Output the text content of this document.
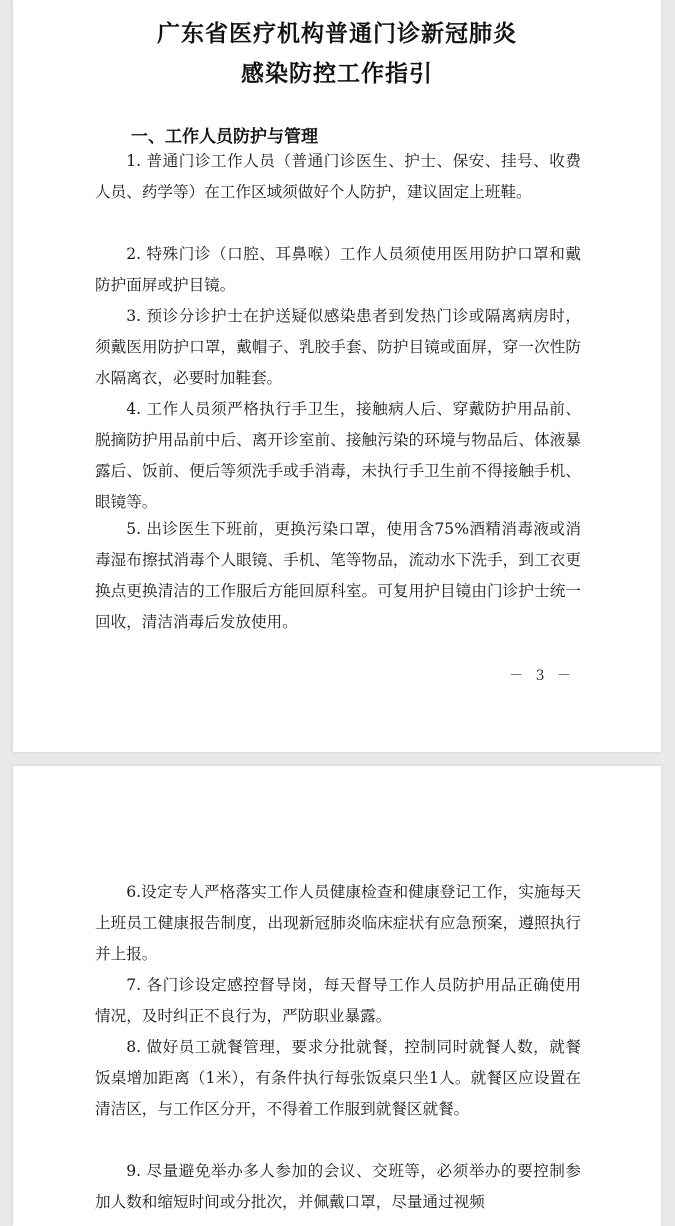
广东省医疗机构普通门诊新冠肺炎
感染防控工作指引
一、工作人员防护与管理

1. 普通门诊工作人员（普通门诊医生、护士、保安、挂号、收费人员、药学等）在工作区域须做好个人防护，建议固定上班鞋。

2. 特殊门诊（口腔、耳鼻喉）工作人员须使用医用防护口罩和戴防护面屏或护目镜。

3. 预诊分诊护士在护送疑似感染患者到发热门诊或隔离病房时，须戴医用防护口罩，戴帽子、乳胶手套、防护目镜或面屏，穿一次性防水隔离衣，必要时加鞋套。

4. 工作人员须严格执行手卫生，接触病人后、穿戴防护用品前、脱摘防护用品前中后、离开诊室前、接触污染的环境与物品后、体液暴露后、饭前、便后等须洗手或手消毒，未执行手卫生前不得接触手机、眼镜等。

5. 出诊医生下班前，更换污染口罩，使用含75%酒精消毒液或消毒湿布擦拭消毒个人眼镜、手机、笔等物品，流动水下洗手，到工衣更换点更换清洁的工作服后方能回原科室。可复用护目镜由门诊护士统一回收，清洁消毒后发放使用。

－ 3 －

6.设定专人严格落实工作人员健康检查和健康登记工作，实施每天上班员工健康报告制度，出现新冠肺炎临床症状有应急预案，遵照执行并上报。

7. 各门诊设定感控督导岗，每天督导工作人员防护用品正确使用情况，及时纠正不良行为，严防职业暴露。

8. 做好员工就餐管理，要求分批就餐，控制同时就餐人数，就餐饭桌增加距离（1米），有条件执行每张饭桌只坐1人。就餐区应设置在清洁区，与工作区分开，不得着工作服到就餐区就餐。

9. 尽量避免举办多人参加的会议、交班等，必须举办的要控制参加人数和缩短时间或分批次，并佩戴口罩，尽量通过视频
